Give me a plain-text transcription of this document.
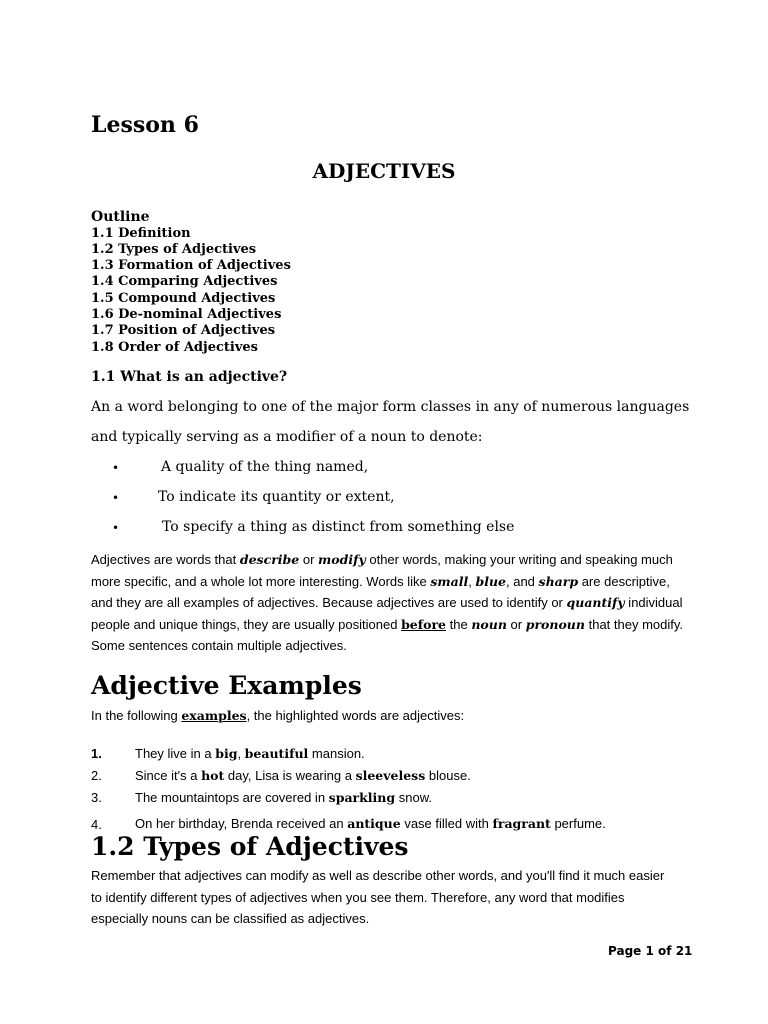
Lesson 6
ADJECTIVES
Outline
1.1 Definition
1.2 Types of Adjectives
1.3 Formation of Adjectives
1.4 Comparing Adjectives
1.5 Compound Adjectives
1.6 De-nominal Adjectives
1.7 Position of Adjectives
1.8 Order of Adjectives
1.1 What is an adjective?
An a word belonging to one of the major form classes in any of numerous languages
and typically serving as a modifier of a noun to denote:
•	A quality of the thing named,
•	To indicate its quantity or extent,
•	To specify a thing as distinct from something else
Adjectives are words that describe or modify other words, making your writing and speaking much more specific, and a whole lot more interesting. Words like small, blue, and sharp are descriptive, and they are all examples of adjectives. Because adjectives are used to identify or quantify individual people and unique things, they are usually positioned before the noun or pronoun that they modify. Some sentences contain multiple adjectives.
Adjective Examples
In the following examples, the highlighted words are adjectives:
1.	They live in a big, beautiful mansion.
2.	Since it's a hot day, Lisa is wearing a sleeveless blouse.
3.	The mountaintops are covered in sparkling snow.
4.	On her birthday, Brenda received an antique vase filled with fragrant perfume.
1.2 Types of Adjectives
Remember that adjectives can modify as well as describe other words, and you'll find it much easier
to identify different types of adjectives when you see them. Therefore, any word that modifies
especially nouns can be classified as adjectives.
Page 1 of 21
